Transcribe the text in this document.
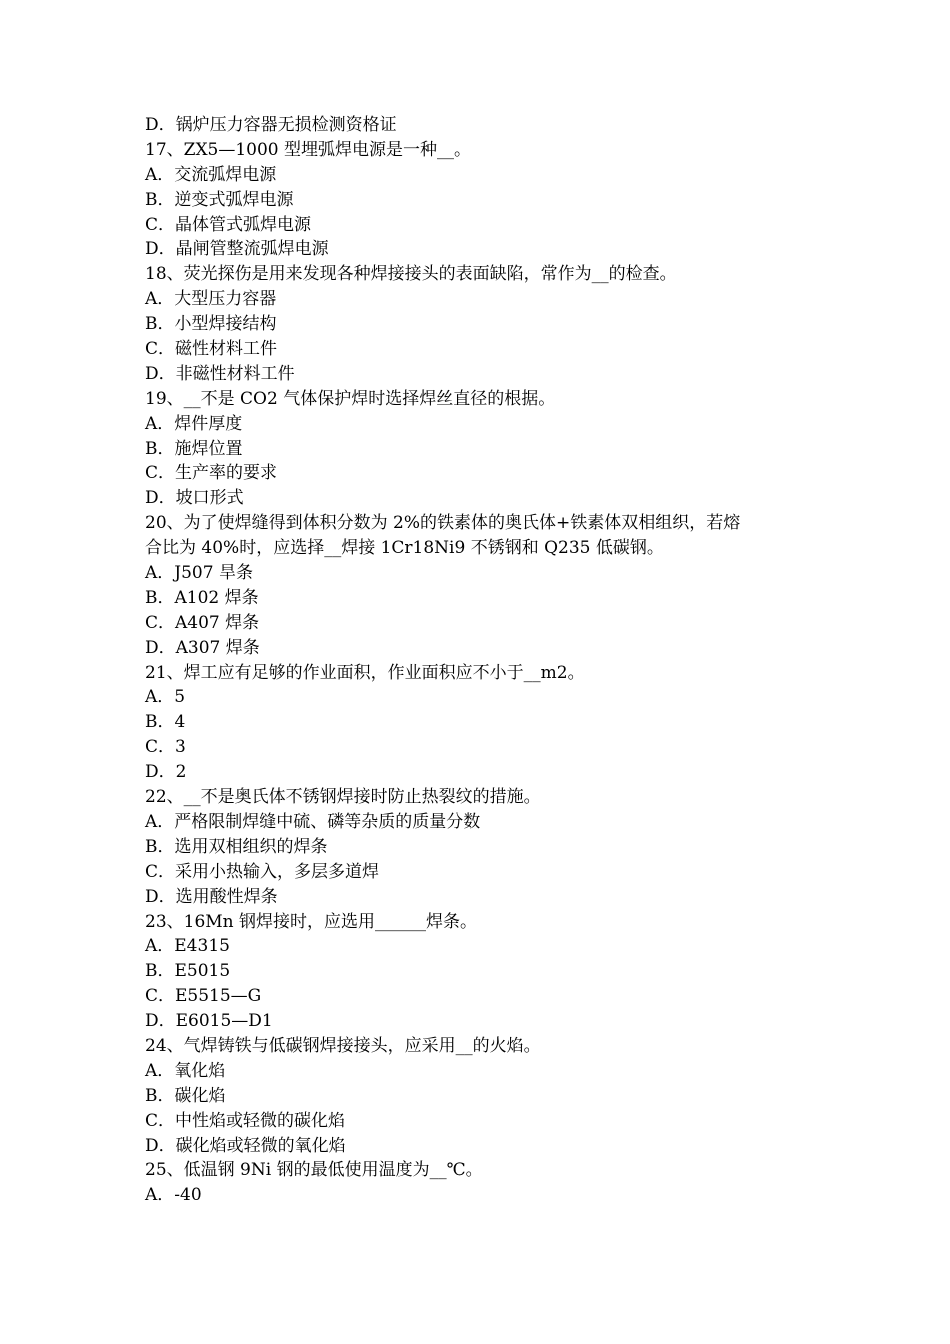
D．锅炉压力容器无损检测资格证
17、ZX5—1000 型埋弧焊电源是一种__。
A．交流弧焊电源
B．逆变式弧焊电源
C．晶体管式弧焊电源
D．晶闸管整流弧焊电源
18、荧光探伤是用来发现各种焊接接头的表面缺陷，常作为__的检查。
A．大型压力容器
B．小型焊接结构
C．磁性材料工件
D．非磁性材料工件
19、__不是 CO2 气体保护焊时选择焊丝直径的根据。
A．焊件厚度
B．施焊位置
C．生产率的要求
D．坡口形式
20、为了使焊缝得到体积分数为 2%的铁素体的奥氏体+铁素体双相组织，若熔
合比为 40%时，应选择__焊接 1Cr18Ni9 不锈钢和 Q235 低碳钢。
A．J507 旱条
B．A102 焊条
C．A407 焊条
D．A307 焊条
21、焊工应有足够的作业面积，作业面积应不小于__m2。
A．5
B．4
C．3
D．2
22、__不是奥氏体不锈钢焊接时防止热裂纹的措施。
A．严格限制焊缝中硫、磷等杂质的质量分数
B．选用双相组织的焊条
C．采用小热输入，多层多道焊
D．选用酸性焊条
23、16Mn 钢焊接时，应选用______焊条。
A．E4315
B．E5015
C．E5515—G
D．E6015—D1
24、气焊铸铁与低碳钢焊接接头，应采用__的火焰。
A．氧化焰
B．碳化焰
C．中性焰或轻微的碳化焰
D．碳化焰或轻微的氧化焰
25、低温钢 9Ni 钢的最低使用温度为__℃。
A．-40
